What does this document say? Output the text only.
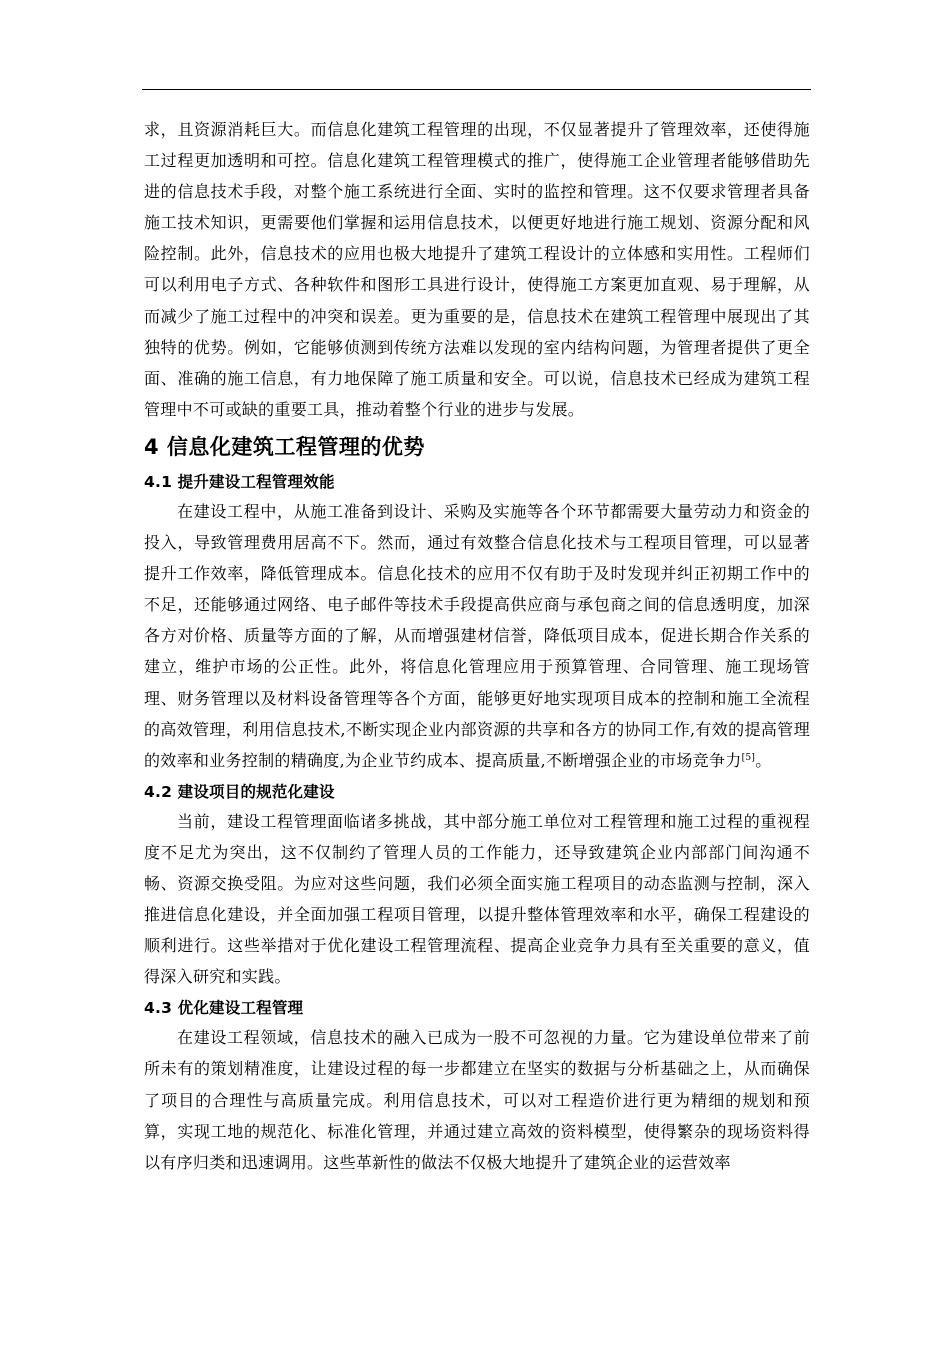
求，且资源消耗巨大。而信息化建筑工程管理的出现，不仅显著提升了管理效率，还使得施工过程更加透明和可控。信息化建筑工程管理模式的推广，使得施工企业管理者能够借助先进的信息技术手段，对整个施工系统进行全面、实时的监控和管理。这不仅要求管理者具备施工技术知识，更需要他们掌握和运用信息技术，以便更好地进行施工规划、资源分配和风险控制。此外，信息技术的应用也极大地提升了建筑工程设计的立体感和实用性。工程师们可以利用电子方式、各种软件和图形工具进行设计，使得施工方案更加直观、易于理解，从而减少了施工过程中的冲突和误差。更为重要的是，信息技术在建筑工程管理中展现出了其独特的优势。例如，它能够侦测到传统方法难以发现的室内结构问题，为管理者提供了更全面、准确的施工信息，有力地保障了施工质量和安全。可以说，信息技术已经成为建筑工程管理中不可或缺的重要工具，推动着整个行业的进步与发展。

4 信息化建筑工程管理的优势
4.1 提升建设工程管理效能

在建设工程中，从施工准备到设计、采购及实施等各个环节都需要大量劳动力和资金的投入，导致管理费用居高不下。然而，通过有效整合信息化技术与工程项目管理，可以显著提升工作效率，降低管理成本。信息化技术的应用不仅有助于及时发现并纠正初期工作中的不足，还能够通过网络、电子邮件等技术手段提高供应商与承包商之间的信息透明度，加深各方对价格、质量等方面的了解，从而增强建材信誉，降低项目成本，促进长期合作关系的建立，维护市场的公正性。此外，将信息化管理应用于预算管理、合同管理、施工现场管理、财务管理以及材料设备管理等各个方面，能够更好地实现项目成本的控制和施工全流程的高效管理，利用信息技术,不断实现企业内部资源的共享和各方的协同工作,有效的提高管理的效率和业务控制的精确度,为企业节约成本、提高质量,不断增强企业的市场竞争力[5]。

4.2 建设项目的规范化建设

当前，建设工程管理面临诸多挑战，其中部分施工单位对工程管理和施工过程的重视程度不足尤为突出，这不仅制约了管理人员的工作能力，还导致建筑企业内部部门间沟通不畅、资源交换受阻。为应对这些问题，我们必须全面实施工程项目的动态监测与控制，深入推进信息化建设，并全面加强工程项目管理，以提升整体管理效率和水平，确保工程建设的顺利进行。这些举措对于优化建设工程管理流程、提高企业竞争力具有至关重要的意义，值得深入研究和实践。

4.3 优化建设工程管理

在建设工程领域，信息技术的融入已成为一股不可忽视的力量。它为建设单位带来了前所未有的策划精准度，让建设过程的每一步都建立在坚实的数据与分析基础之上，从而确保了项目的合理性与高质量完成。利用信息技术，可以对工程造价进行更为精细的规划和预算，实现工地的规范化、标准化管理，并通过建立高效的资料模型，使得繁杂的现场资料得以有序归类和迅速调用。这些革新性的做法不仅极大地提升了建筑企业的运营效率
